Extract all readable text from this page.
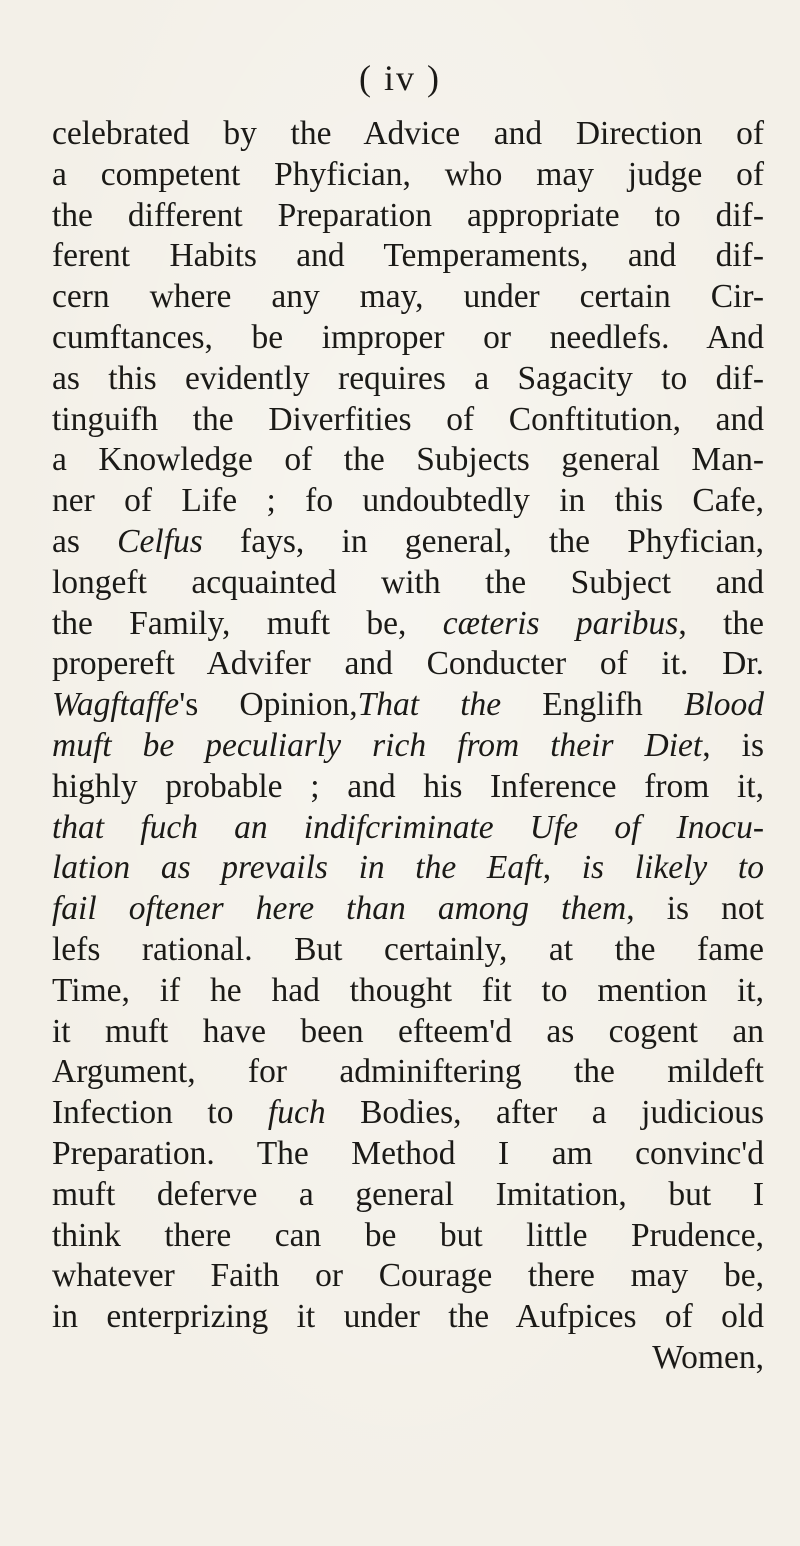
( iv )
celebrated by the Advice and Direction of
a competent Phyfician, who may judge of
the different Preparation appropriate to dif-
ferent Habits and Temperaments, and dif-
cern where any may, under certain Cir-
cumftances, be improper or needlefs. And
as this evidently requires a Sagacity to dif-
tinguifh the Diverfities of Conftitution, and
a Knowledge of the Subjects general Man-
ner of Life ; fo undoubtedly in this Cafe,
as Celfus fays, in general, the Phyfician,
longeft acquainted with the Subject and
the Family, muft be, cæteris paribus, the
propereft Advifer and Conducter of it. Dr.
Wagftaffe's Opinion,That the Englifh Blood
muft be peculiarly rich from their Diet, is
highly probable ; and his Inference from it,
that fuch an indifcriminate Ufe of Inocu-
lation as prevails in the Eaft, is likely to
fail oftener here than among them, is not
lefs rational. But certainly, at the fame
Time, if he had thought fit to mention it,
it muft have been efteem'd as cogent an
Argument, for adminiftering the mildeft
Infection to fuch Bodies, after a judicious
Preparation. The Method I am convinc'd
muft deferve a general Imitation, but I
think there can be but little Prudence,
whatever Faith or Courage there may be,
in enterprizing it under the Aufpices of old
Women,
